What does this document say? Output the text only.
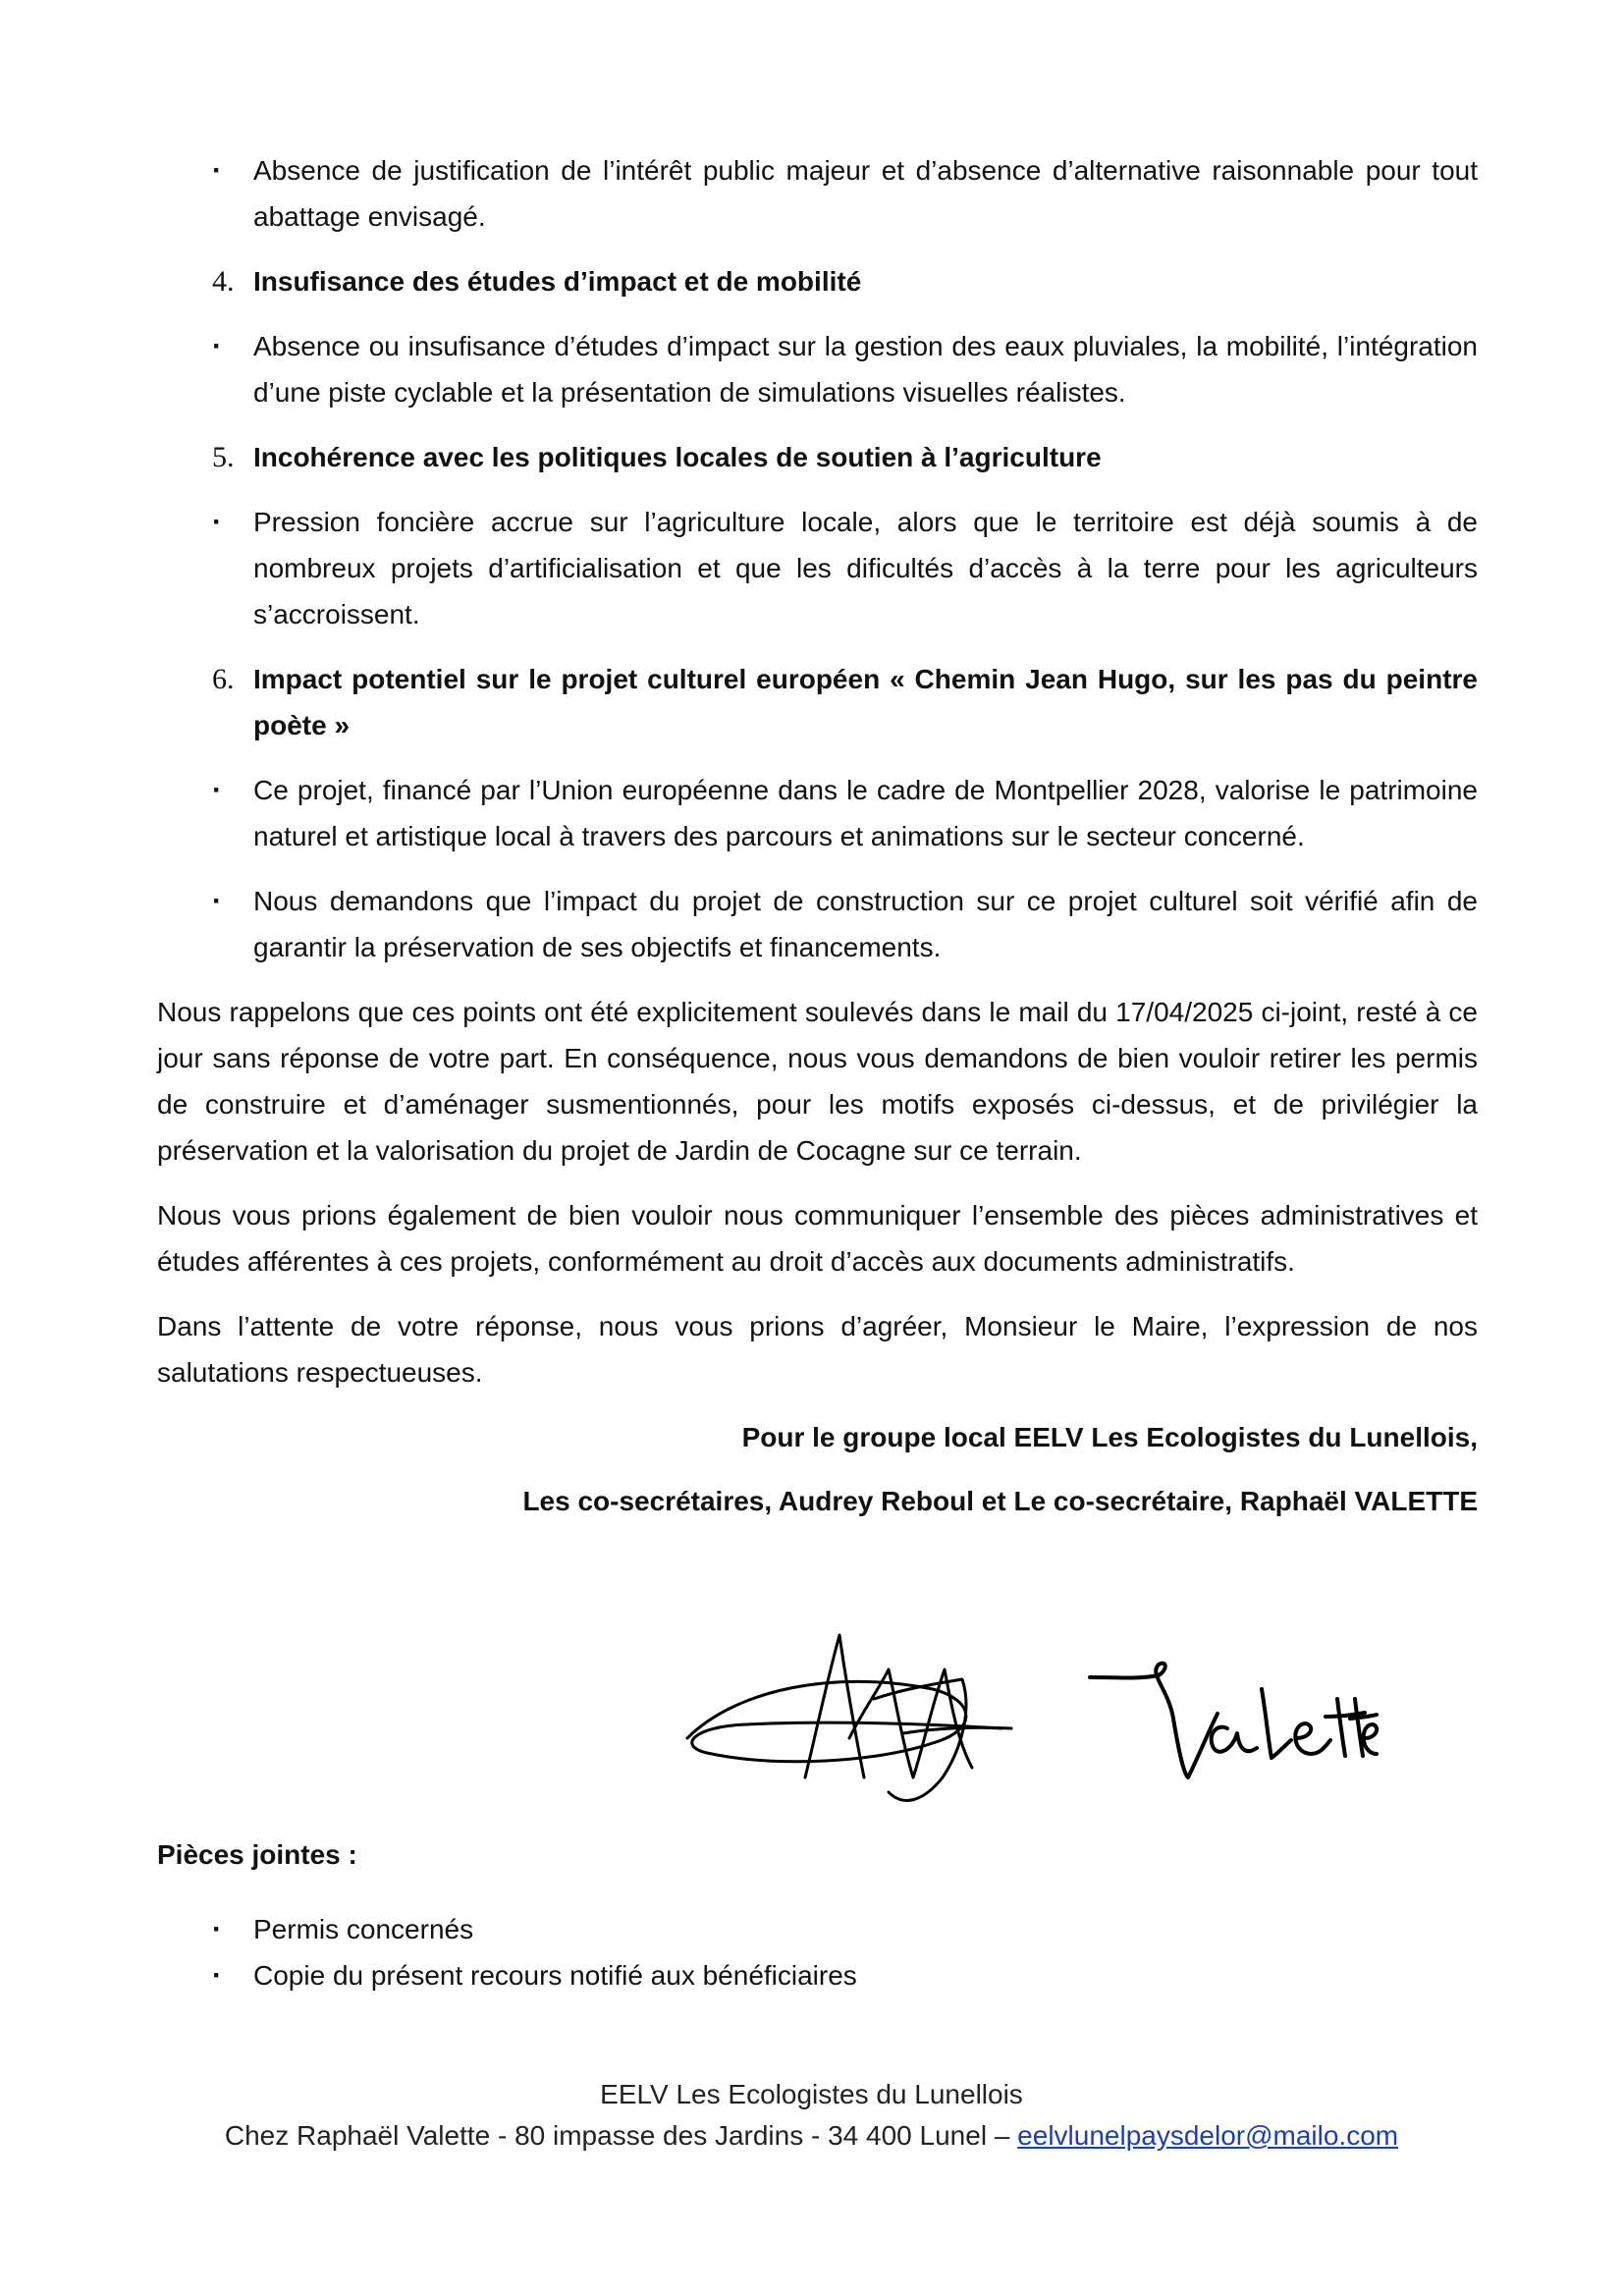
· Absence de justification de l’intérêt public majeur et d’absence d’alternative raisonnable pour tout abattage envisagé.
4. Insufisance des études d’impact et de mobilité
· Absence ou insufisance d’études d’impact sur la gestion des eaux pluviales, la mobilité, l’intégration d’une piste cyclable et la présentation de simulations visuelles réalistes.
5. Incohérence avec les politiques locales de soutien à l’agriculture
· Pression foncière accrue sur l’agriculture locale, alors que le territoire est déjà soumis à de nombreux projets d’artificialisation et que les dificultés d’accès à la terre pour les agriculteurs s’accroissent.
6. Impact potentiel sur le projet culturel européen « Chemin Jean Hugo, sur les pas du peintre poète »
· Ce projet, financé par l’Union européenne dans le cadre de Montpellier 2028, valorise le patrimoine naturel et artistique local à travers des parcours et animations sur le secteur concerné.
· Nous demandons que l’impact du projet de construction sur ce projet culturel soit vérifié afin de garantir la préservation de ses objectifs et financements.

Nous rappelons que ces points ont été explicitement soulevés dans le mail du 17/04/2025 ci-joint, resté à ce jour sans réponse de votre part. En conséquence, nous vous demandons de bien vouloir retirer les permis de construire et d’aménager susmentionnés, pour les motifs exposés ci-dessus, et de privilégier la préservation et la valorisation du projet de Jardin de Cocagne sur ce terrain.

Nous vous prions également de bien vouloir nous communiquer l’ensemble des pièces administratives et études afférentes à ces projets, conformément au droit d’accès aux documents administratifs.

Dans l’attente de votre réponse, nous vous prions d’agréer, Monsieur le Maire, l’expression de nos salutations respectueuses.

Pour le groupe local EELV Les Ecologistes du Lunellois,

Les co-secrétaires, Audrey Reboul et Le co-secrétaire, Raphaël VALETTE

Pièces jointes :
· Permis concernés
· Copie du présent recours notifié aux bénéficiaires
EELV Les Ecologistes du Lunellois
Chez Raphaël Valette - 80 impasse des Jardins - 34 400 Lunel – eelvlunelpaysdelor@mailo.com
